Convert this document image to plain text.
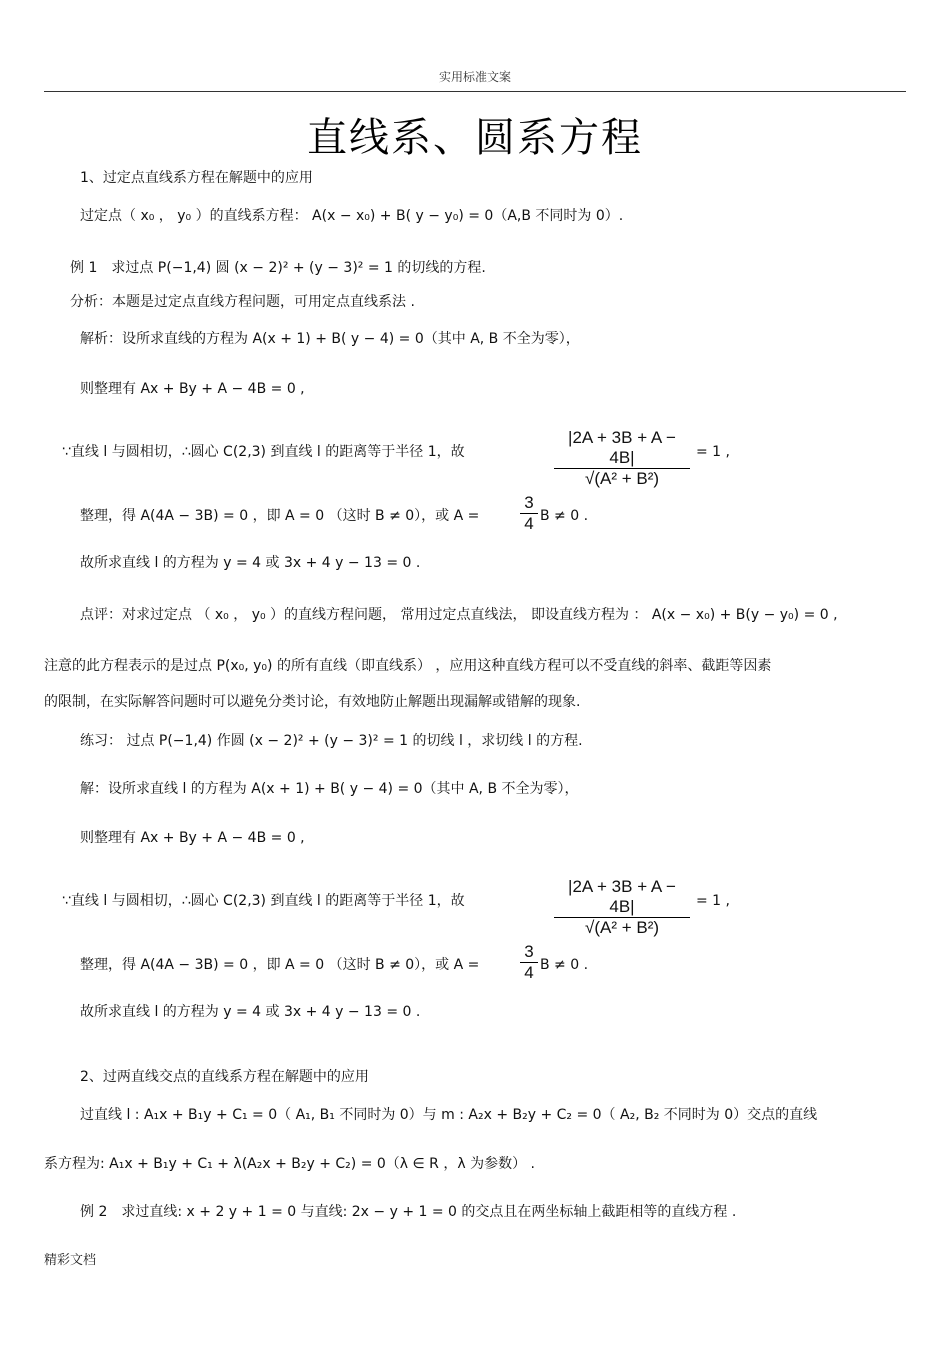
实用标准文案
直线系、圆系方程
1、过定点直线系方程在解题中的应用
过定点（ x₀ ， y₀ ）的直线系方程： A(x − x₀) + B( y − y₀) = 0（A,B 不同时为 0）.
例 1　求过点 P(−1,4) 圆 (x − 2)² + (y − 3)² = 1 的切线的方程.
分析：本题是过定点直线方程问题，可用定点直线系法 .
解析：设所求直线的方程为 A(x + 1) + B( y − 4) = 0（其中 A, B 不全为零），
则整理有 Ax + By + A − 4B = 0 ,
∵直线 l 与圆相切，∴圆心 C(2,3) 到直线 l 的距离等于半径 1，故
|2A + 3B + A − 4B|
√(A² + B²)
= 1 ,
整理，得 A(4A − 3B) = 0 ，即 A = 0 （这时 B ≠ 0），或 A =
3
4 B ≠ 0 .
故所求直线 l 的方程为 y = 4 或 3x + 4 y − 13 = 0 .
点评：对求过定点 （ x₀ ， y₀ ）的直线方程问题， 常用过定点直线法， 即设直线方程为 ： A(x − x₀) + B(y − y₀) = 0 ,
注意的此方程表示的是过点 P(x₀, y₀) 的所有直线（即直线系） ，应用这种直线方程可以不受直线的斜率、截距等因素
的限制，在实际解答问题时可以避免分类讨论，有效地防止解题出现漏解或错解的现象.
练习： 过点 P(−1,4) 作圆 (x − 2)² + (y − 3)² = 1 的切线 l ，求切线 l 的方程.
解：设所求直线 l 的方程为 A(x + 1) + B( y − 4) = 0（其中 A, B 不全为零），
则整理有 Ax + By + A − 4B = 0 ,
∵直线 l 与圆相切，∴圆心 C(2,3) 到直线 l 的距离等于半径 1，故
|2A + 3B + A − 4B|
√(A² + B²)
= 1 ,
整理，得 A(4A − 3B) = 0 ，即 A = 0 （这时 B ≠ 0），或 A =
3
4 B ≠ 0 .
故所求直线 l 的方程为 y = 4 或 3x + 4 y − 13 = 0 .
2、过两直线交点的直线系方程在解题中的应用
过直线 l : A₁x + B₁y + C₁ = 0（ A₁, B₁ 不同时为 0）与 m : A₂x + B₂y + C₂ = 0（ A₂, B₂ 不同时为 0）交点的直线
系方程为: A₁x + B₁y + C₁ + λ(A₂x + B₂y + C₂) = 0（λ ∈ R ，λ 为参数） .
例 2　求过直线: x + 2 y + 1 = 0 与直线: 2x − y + 1 = 0 的交点且在两坐标轴上截距相等的直线方程 .
精彩文档
